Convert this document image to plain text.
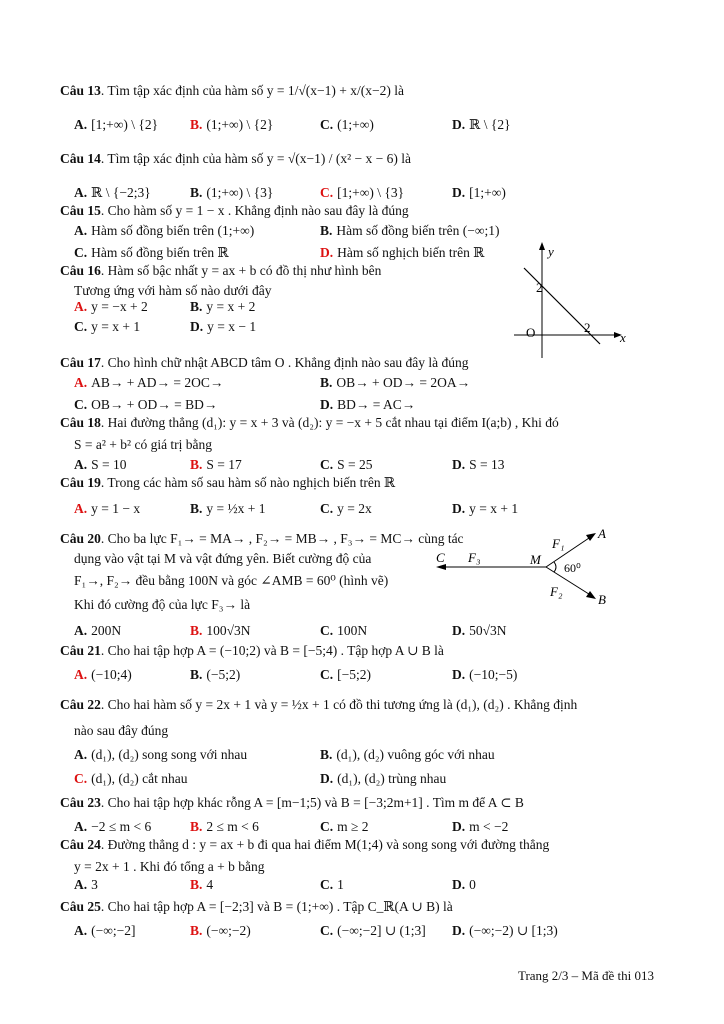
y
x
O
2
2
C F₃	M
F₁
A
60⁰
F₂
B
Trang 2/3 – Mã đề thi 013
Câu 13. Tìm tập xác định của hàm số y = 1/√(x−1) + x/(x−2) là
A. [1;+∞) \ {2} B. (1;+∞) \ {2}	C. (1;+∞)	D. ℝ \ {2}
Câu 14. Tìm tập xác định của hàm số y = √(x−1) / (x² − x − 6) là
A. ℝ \ {−2;3}	B. (1;+∞) \ {3}	C. [1;+∞) \ {3}	D. [1;+∞)
Câu 15. Cho hàm số y = 1 − x . Khẳng định nào sau đây là đúng
A. Hàm số đồng biến trên (1;+∞)	B. Hàm số đồng biến trên (−∞;1)
C. Hàm số đồng biến trên ℝ	D. Hàm số nghịch biến trên ℝ
Câu 16. Hàm số bậc nhất y = ax + b có đồ thị như hình bên
Tương ứng với hàm số nào dưới đây
A. y = −x + 2	B. y = x + 2
C. y = x + 1	D. y = x − 1
Câu 17. Cho hình chữ nhật ABCD tâm O . Khẳng định nào sau đây là đúng
A. AB→ + AD→ = 2OC→	B. OB→ + OD→ = 2OA→
C. OB→ + OD→ = BD→	D. BD→ = AC→
Câu 18. Hai đường thẳng (d₁): y = x + 3 và (d₂): y = −x + 5 cắt nhau tại điểm I(a;b) , Khi đó
S = a² + b² có giá trị bằng
A. S = 10	B. S = 17	C. S = 25	D. S = 13
Câu 19. Trong các hàm số sau hàm số nào nghịch biến trên ℝ
A. y = 1 − x	B. y = ½x + 1	C. y = 2x	D. y = x + 1
Câu 20. Cho ba lực F₁→ = MA→ , F₂→ = MB→ , F₃→ = MC→ cùng tác
dụng vào vật tại M và vật đứng yên. Biết cường độ của
F₁→, F₂→ đều bằng 100N và góc ∠AMB = 60⁰ (hình vẽ)
Khi đó cường độ của lực F₃→ là
A. 200N	B. 100√3N	C. 100N	D. 50√3N
Câu 21. Cho hai tập hợp A = (−10;2) và B = [−5;4) . Tập hợp A ∪ B là
A. (−10;4)	B. (−5;2)	C. [−5;2)	D. (−10;−5)
Câu 22. Cho hai hàm số y = 2x + 1 và y = ½x + 1 có đồ thi tương ứng là (d₁), (d₂) . Khẳng định
nào sau đây đúng
A. (d₁), (d₂) song song với nhau	B. (d₁), (d₂) vuông góc với nhau
C. (d₁), (d₂) cắt nhau	D. (d₁), (d₂) trùng nhau
Câu 23. Cho hai tập hợp khác rỗng A = [m−1;5) và B = [−3;2m+1] . Tìm m để A ⊂ B
A. −2 ≤ m < 6	B. 2 ≤ m < 6	C. m ≥ 2	D. m < −2
Câu 24. Đường thẳng d : y = ax + b đi qua hai điểm M(1;4) và song song với đường thẳng
y = 2x + 1 . Khi đó tổng a + b bằng
A. 3	B. 4	C. 1	D. 0
Câu 25. Cho hai tập hợp A = [−2;3] và B = (1;+∞) . Tập C_ℝ(A ∪ B) là
A. (−∞;−2]	B. (−∞;−2)	C. (−∞;−2] ∪ (1;3] D. (−∞;−2) ∪ [1;3)
